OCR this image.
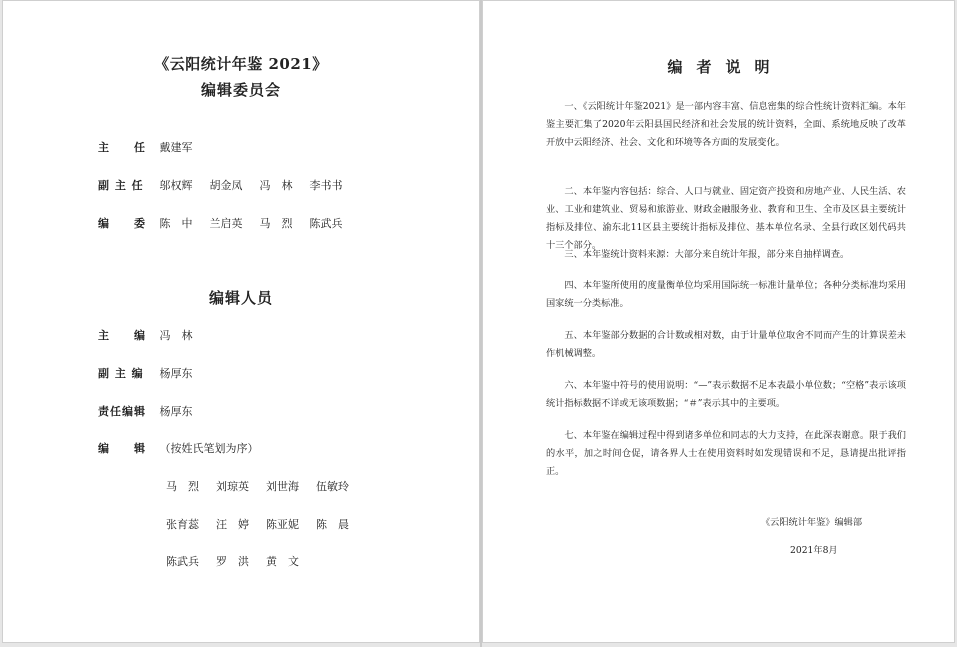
《云阳统计年鉴 2021》
编辑委员会
主　　任 戴建军
副 主 任 邬权辉 胡金凤 冯　林 李书书
编　　委 陈　中 兰启英 马　烈 陈武兵
编辑人员
主　　编 冯　林
副 主 编 杨厚东
责任编辑 杨厚东
编　　辑 （按姓氏笔划为序）
马　烈 刘琼英 刘世海 伍敏玲
张育蕊 汪　婷 陈亚妮 陈　晨
陈武兵 罗　洪 黄　文
编者说明

一、《云阳统计年鉴2021》是一部内容丰富、信息密集的综合性统计资料汇编。本年鉴主要汇集了2020年云阳县国民经济和社会发展的统计资料，全面、系统地反映了改革开放中云阳经济、社会、文化和环境等各方面的发展变化。

二、本年鉴内容包括：综合、人口与就业、固定资产投资和房地产业、人民生活、农业、工业和建筑业、贸易和旅游业、财政金融服务业、教育和卫生、全市及区县主要统计指标及排位、渝东北11区县主要统计指标及排位、基本单位名录、全县行政区划代码共十三个部分。

三、本年鉴统计资料来源：大部分来自统计年报，部分来自抽样调查。

四、本年鉴所使用的度量衡单位均采用国际统一标准计量单位；各种分类标准均采用国家统一分类标准。

五、本年鉴部分数据的合计数或相对数，由于计量单位取舍不同而产生的计算误差未作机械调整。

六、本年鉴中符号的使用说明：“—”表示数据不足本表最小单位数；“空格”表示该项统计指标数据不详或无该项数据；“＃”表示其中的主要项。

七、本年鉴在编辑过程中得到诸多单位和同志的大力支持，在此深表谢意。限于我们的水平，加之时间仓促，请各界人士在使用资料时如发现错误和不足，恳请提出批评指正。

《云阳统计年鉴》编辑部
2021年8月
